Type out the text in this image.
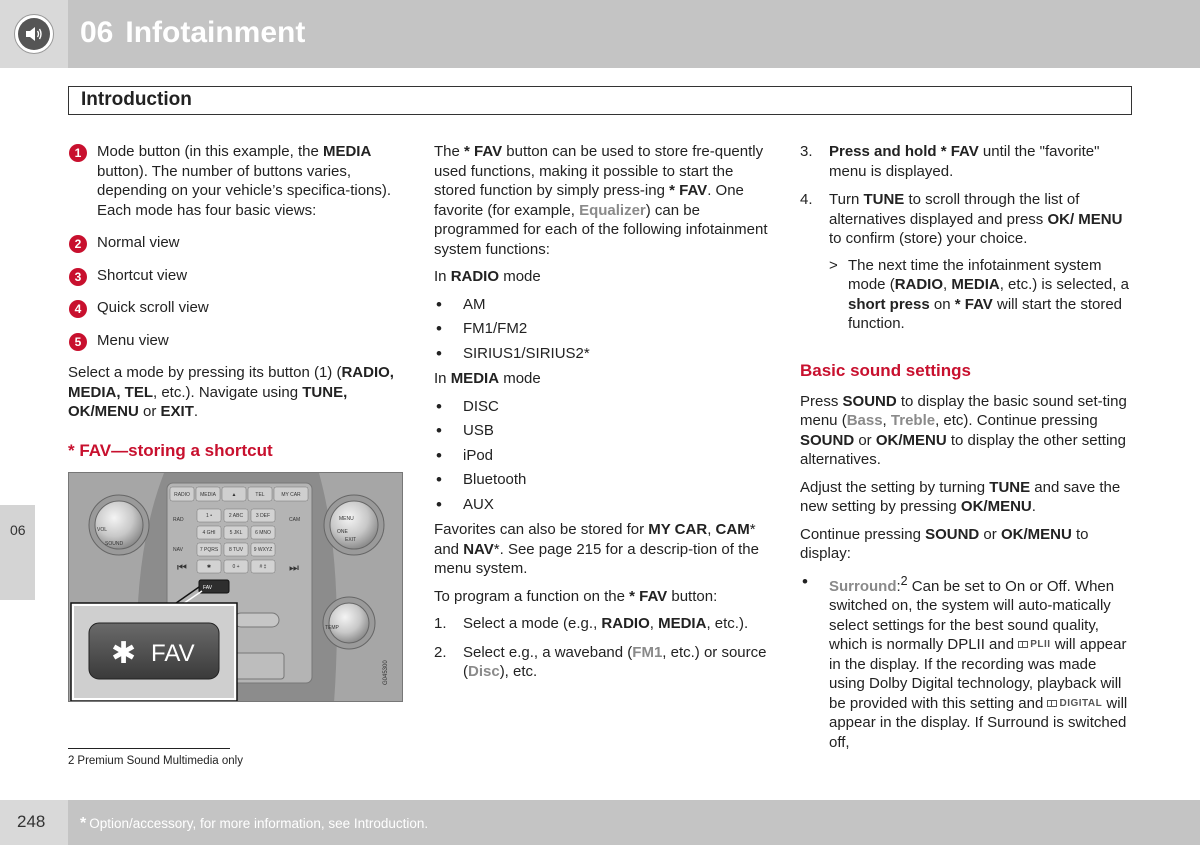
06 Infotainment
Introduction
06
1	Mode button (in this example, the MEDIA button). The number of buttons varies, depending on your vehicle’s specifica-tions). Each mode has four basic views:
2	Normal view
3	Shortcut view
4	Quick scroll view
5	Menu view

Select a mode by pressing its button (1) (RADIO, MEDIA, TEL, etc.). Navigate using TUNE, OK/MENU or EXIT.

* FAV—storing a shortcut
RADIO MEDIA	▲	TEL	MY CAR
RAD
NAV
CAM
⏮	⏭
1 •	2 ABC	3 DEF
4 GHI	5 JKL	6 MNO
7 PQRS 8 TUV 9 WXYZ
✱	0 +	# ‡
FAV
VOL
SOUND
MENU
ONE
EXIT
TEMP
✱ FAV
G045300

The * FAV button can be used to store fre-quently used functions, making it possible to start the stored function by simply press-ing * FAV. One favorite (for example, Equalizer) can be programmed for each of the following infotainment system functions:

In RADIO mode

• AM
• FM1/FM2
• SIRIUS1/SIRIUS2*

In MEDIA mode

• DISC
• USB
• iPod
• Bluetooth
• AUX

Favorites can also be stored for MY CAR, CAM* and NAV*. See page 215 for a descrip-tion of the menu system.

To program a function on the * FAV button:

1. Select a mode (e.g., RADIO, MEDIA, etc.).
2. Select e.g., a waveband (FM1, etc.) or source (Disc), etc.
3. Press and hold * FAV until the "favorite" menu is displayed.
4. Turn TUNE to scroll through the list of alternatives displayed and press OK/ MENU to confirm (store) your choice.
> The next time the infotainment system mode (RADIO, MEDIA, etc.) is selected, a short press on * FAV will start the stored function.
Basic sound settings

Press SOUND to display the basic sound set-ting menu (Bass, Treble, etc). Continue pressing SOUND or OK/MENU to display the other setting alternatives.

Adjust the setting by turning TUNE and save the new setting by pressing OK/MENU.

Continue pressing SOUND or OK/MENU to display:

• Surround:$^2$ Can be set to On or Off. When switched on, the system will auto-matically select settings for the best sound quality, which is normally DPLII and PLII will appear in the display. If the recording was made using Dolby Digital technology, playback will be provided with this setting and DIGITAL will appear in the display. If Surround is switched off,
2 Premium Sound Multimedia only
248 * Option/accessory, for more information, see Introduction.
